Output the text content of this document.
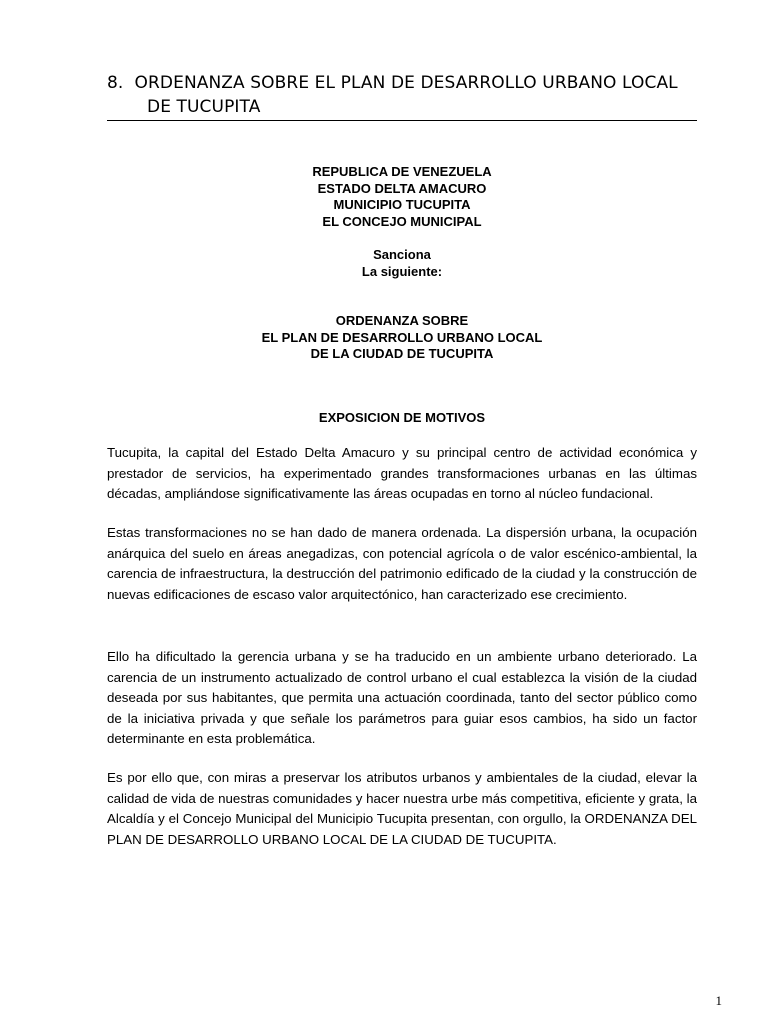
8. ORDENANZA SOBRE EL PLAN DE DESARROLLO URBANO LOCAL
DE TUCUPITA
REPUBLICA DE VENEZUELA
ESTADO DELTA AMACURO
MUNICIPIO TUCUPITA
EL CONCEJO MUNICIPAL
Sanciona
La siguiente:
ORDENANZA SOBRE
EL PLAN DE DESARROLLO URBANO LOCAL
DE LA CIUDAD DE TUCUPITA
EXPOSICION DE MOTIVOS

Tucupita, la capital del Estado Delta Amacuro y su principal centro de actividad económica y prestador de servicios, ha experimentado grandes transformaciones urbanas en las últimas décadas, ampliándose significativamente las áreas ocupadas en torno al núcleo fundacional.

Estas transformaciones no se han dado de manera ordenada. La dispersión urbana, la ocupación anárquica del suelo en áreas anegadizas, con potencial agrícola o de valor escénico-ambiental, la carencia de infraestructura, la destrucción del patrimonio edificado de la ciudad y la construcción de nuevas edificaciones de escaso valor arquitectónico, han caracterizado ese crecimiento.

Ello ha dificultado la gerencia urbana y se ha traducido en un ambiente urbano deteriorado. La carencia de un instrumento actualizado de control urbano el cual establezca la visión de la ciudad deseada por sus habitantes, que permita una actuación coordinada, tanto del sector público como de la iniciativa privada y que señale los parámetros para guiar esos cambios, ha sido un factor determinante en esta problemática.

Es por ello que, con miras a preservar los atributos urbanos y ambientales de la ciudad, elevar la calidad de vida de nuestras comunidades y hacer nuestra urbe más competitiva, eficiente y grata, la Alcaldía y el Concejo Municipal del Municipio Tucupita presentan, con orgullo, la ORDENANZA DEL PLAN DE DESARROLLO URBANO LOCAL DE LA CIUDAD DE TUCUPITA.

1
